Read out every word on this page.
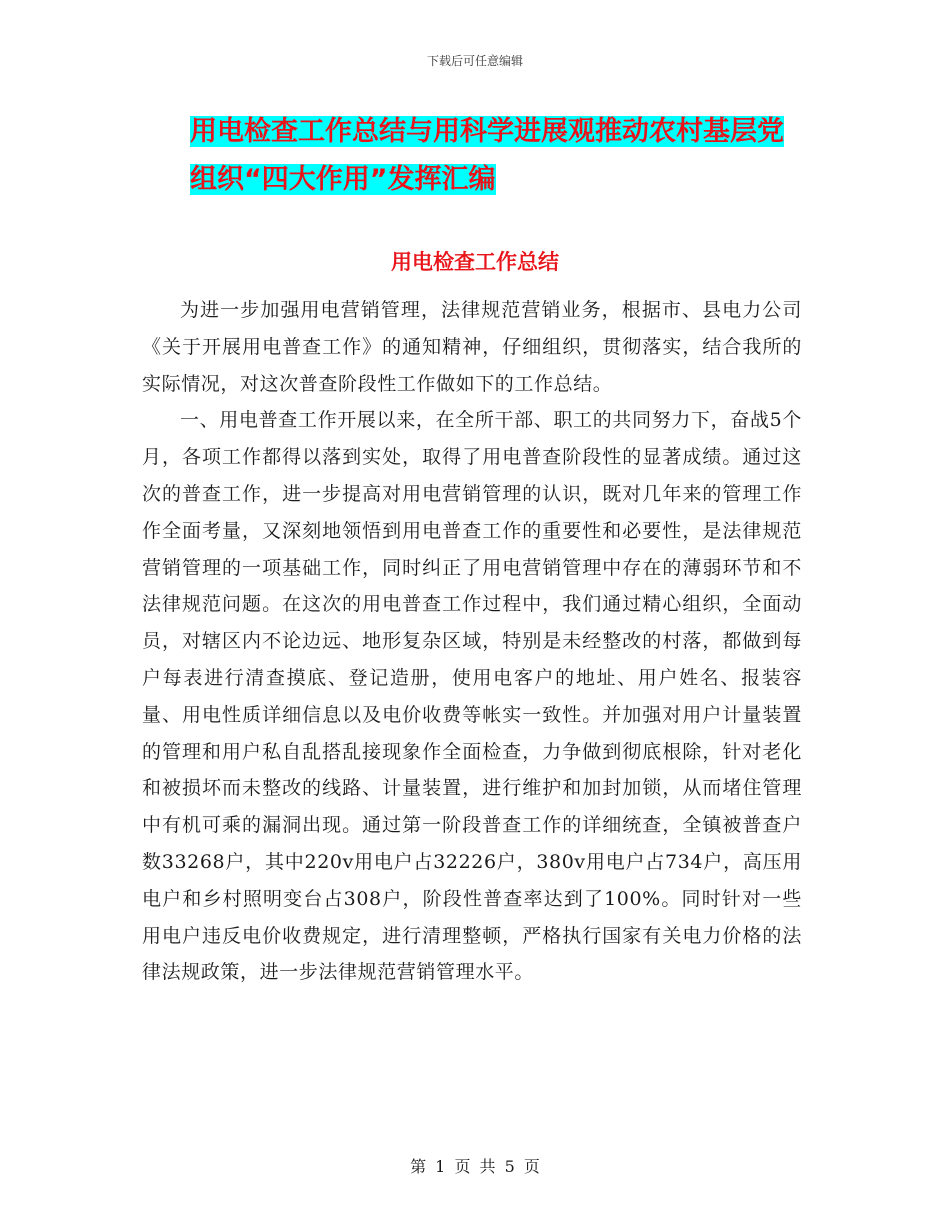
下载后可任意编辑
用电检查工作总结与用科学进展观推动农村基层党组织“四大作用”发挥汇编
用电检查工作总结

为进一步加强用电营销管理，法律规范营销业务，根据市、县电力公司《关于开展用电普查工作》的通知精神，仔细组织，贯彻落实，结合我所的实际情况，对这次普查阶段性工作做如下的工作总结。

一、用电普查工作开展以来，在全所干部、职工的共同努力下，奋战5个月，各项工作都得以落到实处，取得了用电普查阶段性的显著成绩。通过这次的普查工作，进一步提高对用电营销管理的认识，既对几年来的管理工作作全面考量，又深刻地领悟到用电普查工作的重要性和必要性，是法律规范营销管理的一项基础工作，同时纠正了用电营销管理中存在的薄弱环节和不法律规范问题。在这次的用电普查工作过程中，我们通过精心组织，全面动员，对辖区内不论边远、地形复杂区域，特别是未经整改的村落，都做到每户每表进行清查摸底、登记造册，使用电客户的地址、用户姓名、报装容量、用电性质详细信息以及电价收费等帐实一致性。并加强对用户计量装置的管理和用户私自乱搭乱接现象作全面检查，力争做到彻底根除，针对老化和被损坏而未整改的线路、计量装置，进行维护和加封加锁，从而堵住管理中有机可乘的漏洞出现。通过第一阶段普查工作的详细统查，全镇被普查户数33268户，其中220v用电户占32226户，380v用电户占734户，高压用电户和乡村照明变台占308户，阶段性普查率达到了100%。同时针对一些用电户违反电价收费规定，进行清理整顿，严格执行国家有关电力价格的法律法规政策，进一步法律规范营销管理水平。

第 1 页 共 5 页
